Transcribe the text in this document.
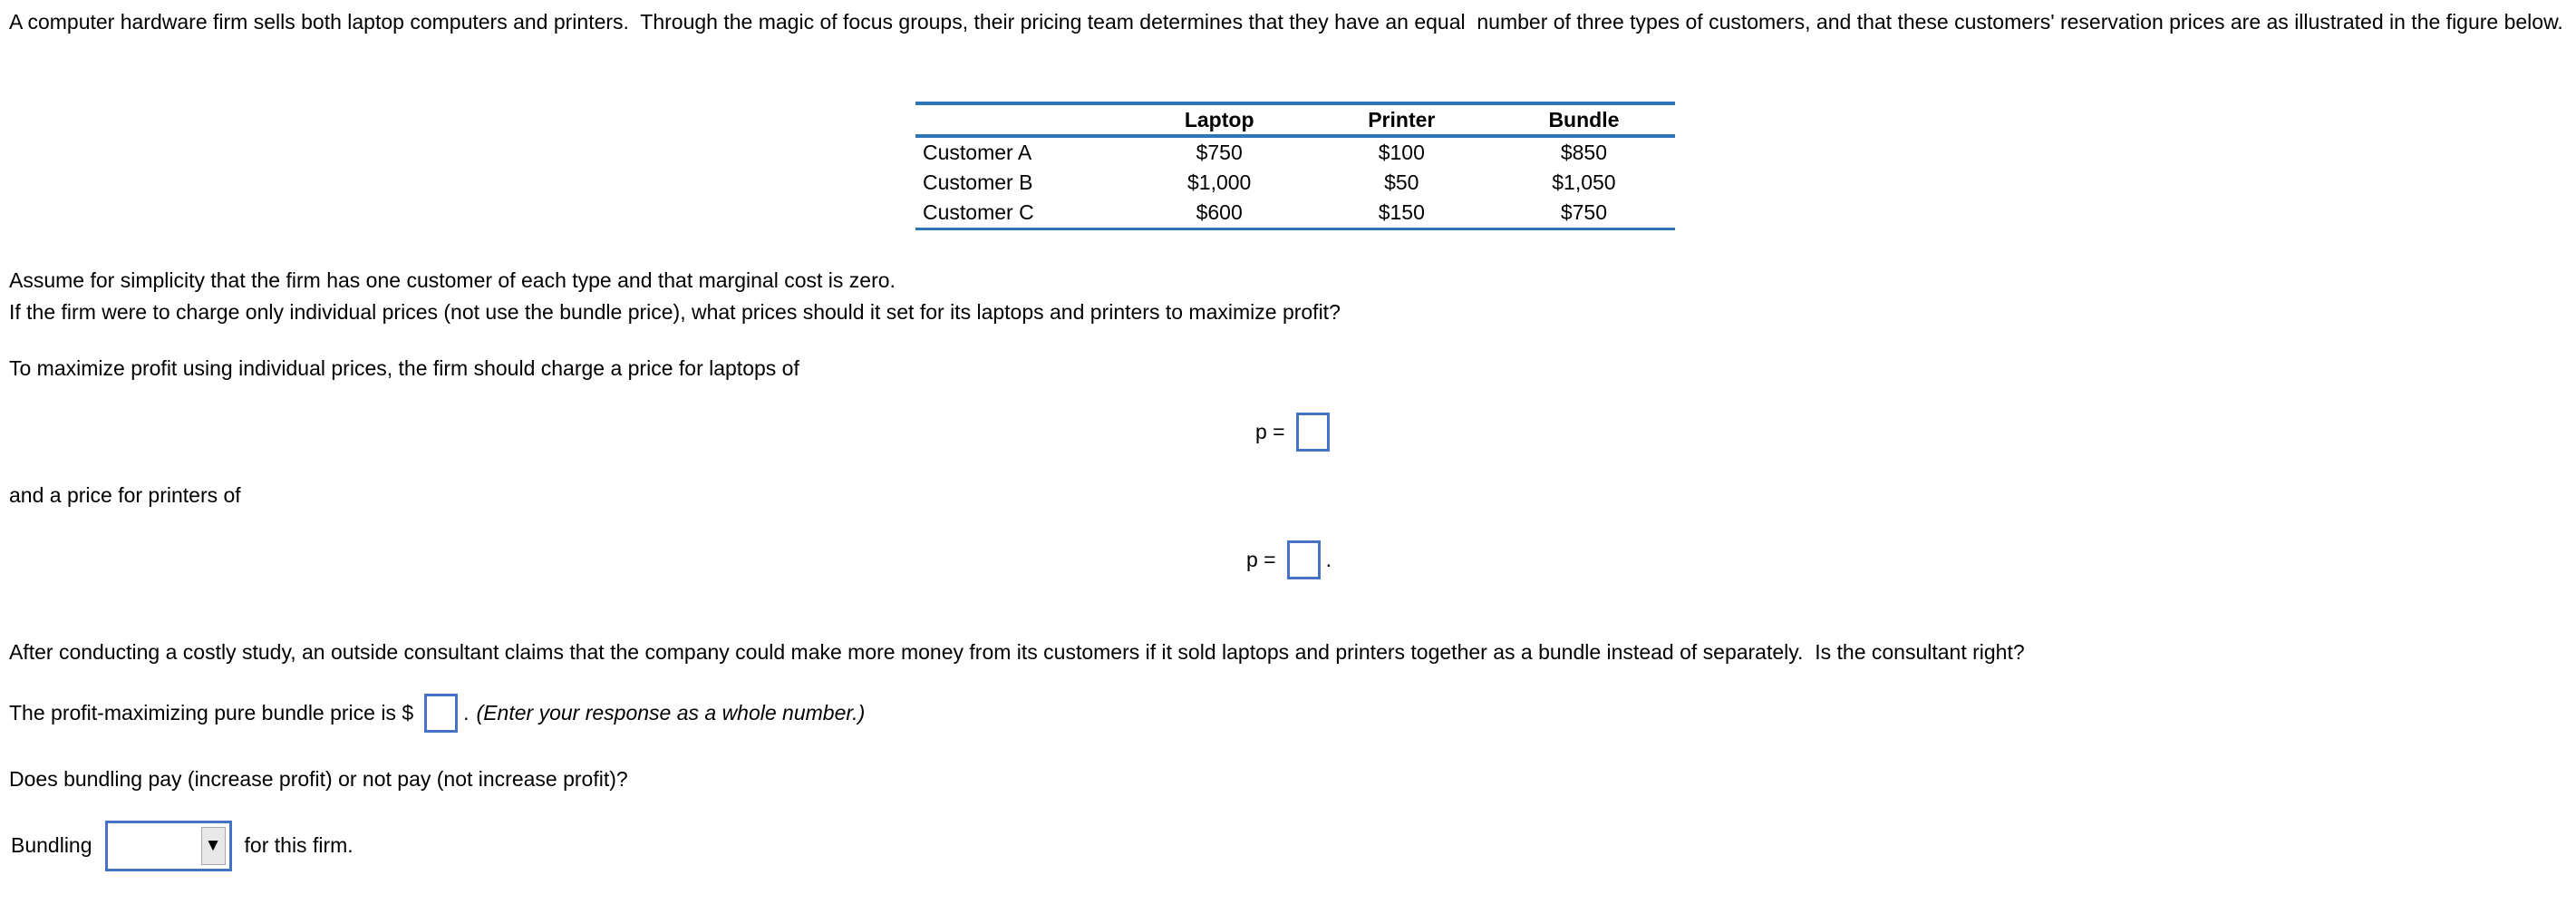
A computer hardware firm sells both laptop computers and printers.  Through the magic of focus groups, their pricing team determines that they have an equal  number of three types of customers, and that these customers' reservation prices are as illustrated in the figure below.

	Laptop	Printer	Bundle
Customer A	$750	$100	$850
Customer B	$1,000	$50	$1,050
Customer C	$600	$150	$750

Assume for simplicity that the firm has one customer of each type and that marginal cost is zero.

If the firm were to charge only individual prices (not use the bundle price), what prices should it set for its laptops and printers to maximize profit?

To maximize profit using individual prices, the firm should charge a price for laptops of

p =

and a price for printers of

p = .

After conducting a costly study, an outside consultant claims that the company could make more money from its customers if it sold laptops and printers together as a bundle instead of separately.  Is the consultant right?

The profit-maximizing pure bundle price is $ . (Enter your response as a whole number.)

Does bundling pay (increase profit) or not pay (not increase profit)?

Bundling

	▼

for this firm.
